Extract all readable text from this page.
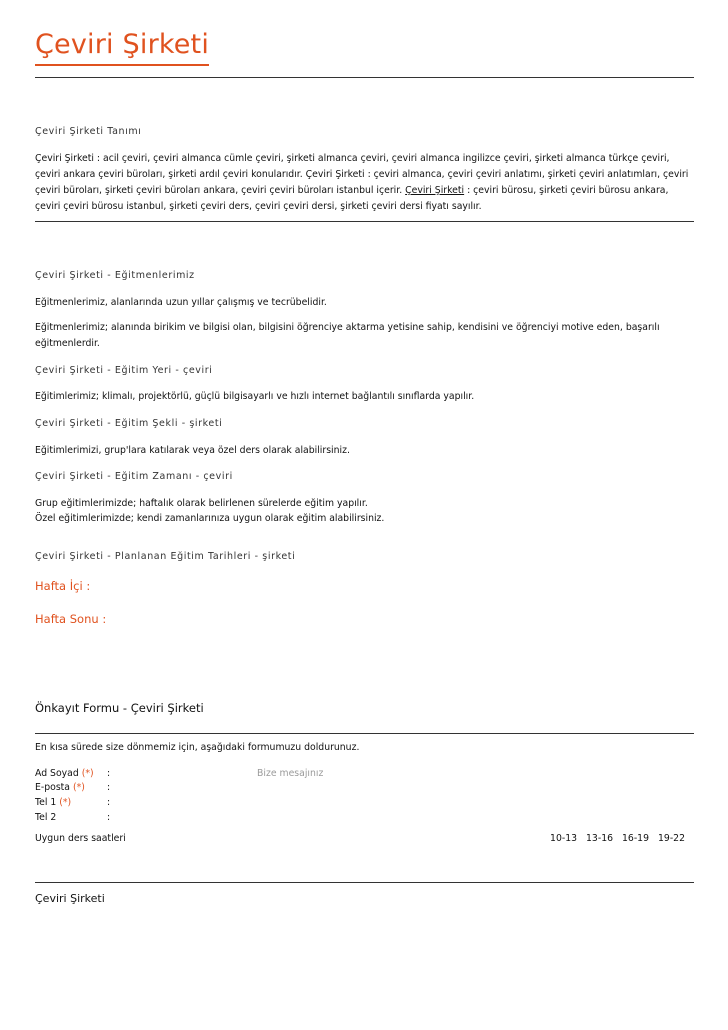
Çeviri Şirketi
Çeviri Şirketi Tanımı
Çeviri Şirketi : acil çeviri, çeviri almanca cümle çeviri, şirketi almanca çeviri, çeviri almanca ingilizce çeviri, şirketi almanca türkçe çeviri, çeviri ankara çeviri büroları, şirketi ardıl çeviri konularıdır. Çeviri Şirketi : çeviri almanca, çeviri çeviri anlatımı, şirketi çeviri anlatımları, çeviri çeviri büroları, şirketi çeviri büroları ankara, çeviri çeviri büroları istanbul içerir. Çeviri Şirketi : çeviri bürosu, şirketi çeviri bürosu ankara, çeviri çeviri bürosu istanbul, şirketi çeviri ders, çeviri çeviri dersi, şirketi çeviri dersi fiyatı sayılır.
Çeviri Şirketi - Eğitmenlerimiz
Eğitmenlerimiz, alanlarında uzun yıllar çalışmış ve tecrübelidir.
Eğitmenlerimiz; alanında birikim ve bilgisi olan, bilgisini öğrenciye aktarma yetisine sahip, kendisini ve öğrenciyi motive eden, başarılı eğitmenlerdir.
Çeviri Şirketi - Eğitim Yeri - çeviri
Eğitimlerimiz; klimalı, projektörlü, güçlü bilgisayarlı ve hızlı internet bağlantılı sınıflarda yapılır.
Çeviri Şirketi - Eğitim Şekli - şirketi
Eğitimlerimizi, grup'lara katılarak veya özel ders olarak alabilirsiniz.
Çeviri Şirketi - Eğitim Zamanı - çeviri
Grup eğitimlerimizde; haftalık olarak belirlenen sürelerde eğitim yapılır.
Özel eğitimlerimizde; kendi zamanlarınıza uygun olarak eğitim alabilirsiniz.
Çeviri Şirketi - Planlanan Eğitim Tarihleri - şirketi
Hafta İçi :
Hafta Sonu :
Önkayıt Formu - Çeviri Şirketi
En kısa sürede size dönmemiz için, aşağıdaki formumuzu doldurunuz.
Ad Soyad (*) :	Bize mesajınız
E-posta (*) :
Tel 1 (*)	:
Tel 2	:
Uygun ders saatleri	10-13 13-16 16-19 19-22
Çeviri Şirketi
